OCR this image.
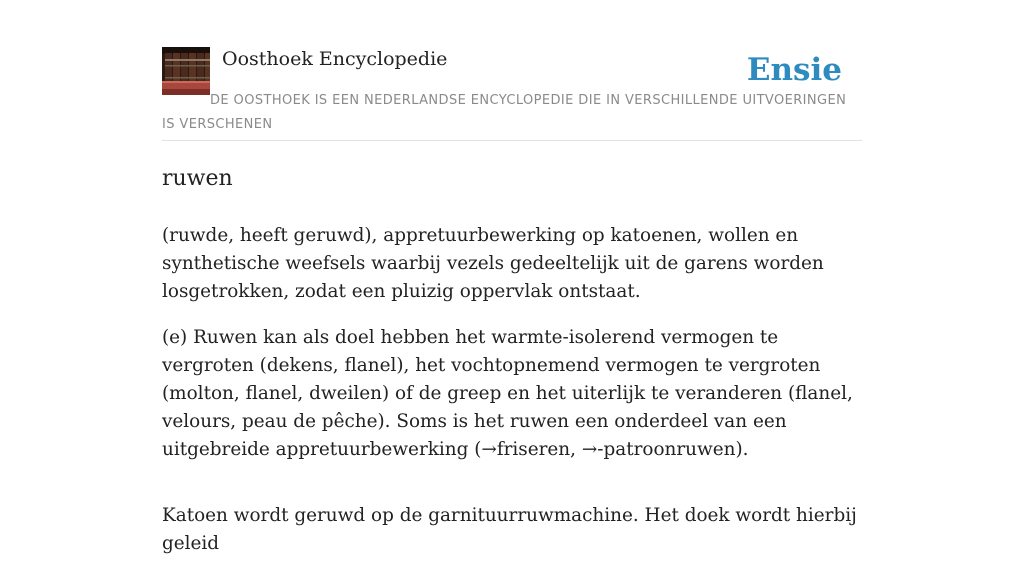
Oosthoek Encyclopedie	Ensie
DE OOSTHOEK IS EEN NEDERLANDSE ENCYCLOPEDIE DIE IN VERSCHILLENDE UITVOERINGEN IS VERSCHENEN
ruwen

(ruwde, heeft geruwd), appretuurbewerking op katoenen, wollen en synthetische weefsels waarbij vezels gedeeltelijk uit de garens worden losgetrokken, zodat een pluizig oppervlak ontstaat.

(e) Ruwen kan als doel hebben het warmte-isolerend vermogen te vergroten (dekens, flanel), het vochtopnemend vermogen te vergroten (molton, flanel, dweilen) of de greep en het uiterlijk te veranderen (flanel, velours, peau de pêche). Soms is het ruwen een onderdeel van een uitgebreide appretuurbewerking (→friseren, →-patroonruwen).

Katoen wordt geruwd op de garnituurruwmachine. Het doek wordt hierbij geleid
